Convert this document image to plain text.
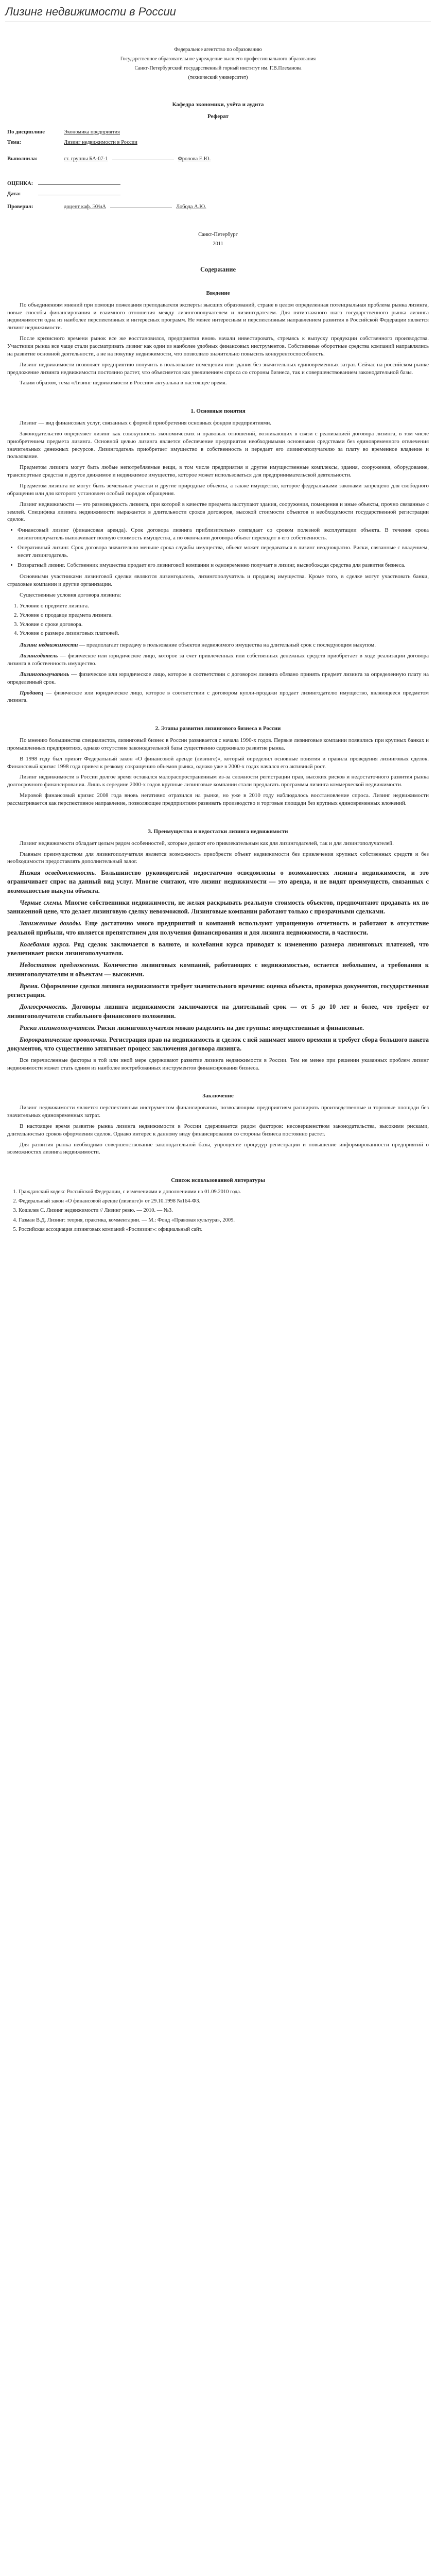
Лизинг недвижимости в России
Федеральное агентство по образованию
Государственное образовательное учреждение высшего профессионального образования
Санкт-Петербургский государственный горный институт им. Г.В.Плеханова
(технический университет)
Кафедра экономики, учёта и аудита
Реферат
По дисциплине	Экономика предприятия
Тема:	Лизинг недвижимости в России
Выполнила:	ст. группы БА-07-1	Фролова Е.Ю.
ОЦЕНКА:
Дата:
Проверил:	доцент каф. ЭУиА	Лобода А.Ю.
Санкт-Петербург
2011
Содержание
Введение

По объединениям мнений при помощи пожелания преподавателя эксперты высших образований, стране в целом определенная потенциальная проблема рынка лизинга, новые способы финансирования и взаимного отношения между лизингополучателем и лизингодателем. Для пятиэтажного шага государственного рынка лизинга недвижимости одна из наиболее перспективных и интересных программ. Не менее интересным и перспективным направлением развития в Российской Федерации является лизинг недвижимости.

После кризисного времени рынок все же восстановился, предприятия вновь начали инвестировать, стремясь к выпуску продукции собственного производства. Участники рынка все чаще стали рассматривать лизинг как один из наиболее удобных финансовых инструментов. Собственные оборотные средства компаний направлялись на развитие основной деятельности, а не на покупку недвижимости, что позволило значительно повысить конкурентоспособность.

Лизинг недвижимости позволяет предприятию получить в пользование помещения или здания без значительных единовременных затрат. Сейчас на российском рынке предложение лизинга недвижимости постоянно растет, что объясняется как увеличением спроса со стороны бизнеса, так и совершенствованием законодательной базы.

Таким образом, тема «Лизинг недвижимости в России» актуальна в настоящее время.

1. Основные понятия

Лизинг — вид финансовых услуг, связанных с формой приобретения основных фондов предприятиями.

Законодательство определяет лизинг как совокупность экономических и правовых отношений, возникающих в связи с реализацией договора лизинга, в том числе приобретением предмета лизинга. Основной целью лизинга является обеспечение предприятия необходимыми основными средствами без единовременного отвлечения значительных денежных ресурсов. Лизингодатель приобретает имущество в собственность и передает его лизингополучателю за плату во временное владение и пользование.

Предметом лизинга могут быть любые непотребляемые вещи, в том числе предприятия и другие имущественные комплексы, здания, сооружения, оборудование, транспортные средства и другое движимое и недвижимое имущество, которое может использоваться для предпринимательской деятельности.

Предметом лизинга не могут быть земельные участки и другие природные объекты, а также имущество, которое федеральными законами запрещено для свободного обращения или для которого установлен особый порядок обращения.

Лизинг недвижимости — это разновидность лизинга, при которой в качестве предмета выступают здания, сооружения, помещения и иные объекты, прочно связанные с землей. Специфика лизинга недвижимости выражается в длительности сроков договоров, высокой стоимости объектов и необходимости государственной регистрации сделок.

• Финансовый лизинг (финансовая аренда). Срок договора лизинга приблизительно совпадает со сроком полезной эксплуатации объекта. В течение срока лизингополучатель выплачивает полную стоимость имущества, а по окончании договора объект переходит в его собственность.
• Оперативный лизинг. Срок договора значительно меньше срока службы имущества, объект может передаваться в лизинг неоднократно. Риски, связанные с владением, несет лизингодатель.
• Возвратный лизинг. Собственник имущества продает его лизинговой компании и одновременно получает в лизинг, высвобождая средства для развития бизнеса.

Основными участниками лизинговой сделки являются лизингодатель, лизингополучатель и продавец имущества. Кроме того, в сделке могут участвовать банки, страховые компании и другие организации.

Существенные условия договора лизинга:

1. Условие о предмете лизинга.
2. Условие о продавце предмета лизинга.
3. Условие о сроке договора.
4. Условие о размере лизинговых платежей.

Лизинг недвижимости — предполагает передачу в пользование объектов недвижимого имущества на длительный срок с последующим выкупом.

Лизингодатель — физическое или юридическое лицо, которое за счет привлеченных или собственных денежных средств приобретает в ходе реализации договора лизинга в собственность имущество.

Лизингополучатель — физическое или юридическое лицо, которое в соответствии с договором лизинга обязано принять предмет лизинга за определенную плату на определенный срок.

Продавец — физическое или юридическое лицо, которое в соответствии с договором купли-продажи продает лизингодателю имущество, являющееся предметом лизинга.

2. Этапы развития лизингового бизнеса в России

По мнению большинства специалистов, лизинговый бизнес в России развивается с начала 1990-х годов. Первые лизинговые компании появились при крупных банках и промышленных предприятиях, однако отсутствие законодательной базы существенно сдерживало развитие рынка.

В 1998 году был принят Федеральный закон «О финансовой аренде (лизинге)», который определил основные понятия и правила проведения лизинговых сделок. Финансовый кризис 1998 года привел к резкому сокращению объемов рынка, однако уже в 2000-х годах начался его активный рост.

Лизинг недвижимости в России долгое время оставался малораспространенным из-за сложности регистрации прав, высоких рисков и недостаточного развития рынка долгосрочного финансирования. Лишь к середине 2000-х годов крупные лизинговые компании стали предлагать программы лизинга коммерческой недвижимости.

Мировой финансовый кризис 2008 года вновь негативно отразился на рынке, но уже в 2010 году наблюдалось восстановление спроса. Лизинг недвижимости рассматривается как перспективное направление, позволяющее предприятиям развивать производство и торговые площади без крупных единовременных вложений.

3. Преимущества и недостатки лизинга недвижимости

Лизинг недвижимости обладает целым рядом особенностей, которые делают его привлекательным как для лизингодателей, так и для лизингополучателей.

Главным преимуществом для лизингополучателя является возможность приобрести объект недвижимости без привлечения крупных собственных средств и без необходимости предоставлять дополнительный залог.

Низкая осведомленность. Большинство руководителей недостаточно осведомлены о возможностях лизинга недвижимости, и это ограничивает спрос на данный вид услуг. Многие считают, что лизинг недвижимости — это аренда, и не видят преимуществ, связанных с возможностью выкупа объекта.

Черные схемы. Многие собственники недвижимости, не желая раскрывать реальную стоимость объектов, предпочитают продавать их по заниженной цене, что делает лизинговую сделку невозможной. Лизинговые компании работают только с прозрачными сделками.

Заниженные доходы. Еще достаточно много предприятий и компаний используют упрощенную отчетность и работают в отсутствие реальной прибыли, что является препятствием для получения финансирования и для лизинга недвижимости, в частности.

Колебания курса. Ряд сделок заключается в валюте, и колебания курса приводят к изменению размера лизинговых платежей, что увеличивает риски лизингополучателя.

Недостаток предложения. Количество лизинговых компаний, работающих с недвижимостью, остается небольшим, а требования к лизингополучателям и объектам — высокими.

Время. Оформление сделки лизинга недвижимости требует значительного времени: оценка объекта, проверка документов, государственная регистрация.

Долгосрочность. Договоры лизинга недвижимости заключаются на длительный срок — от 5 до 10 лет и более, что требует от лизингополучателя стабильного финансового положения.

Риски лизингополучателя. Риски лизингополучателя можно разделить на две группы: имущественные и финансовые.

Бюрократические проволочки. Регистрация прав на недвижимость и сделок с ней занимает много времени и требует сбора большого пакета документов, что существенно затягивает процесс заключения договора лизинга.

Все перечисленные факторы в той или иной мере сдерживают развитие лизинга недвижимости в России. Тем не менее при решении указанных проблем лизинг недвижимости может стать одним из наиболее востребованных инструментов финансирования бизнеса.

Заключение

Лизинг недвижимости является перспективным инструментом финансирования, позволяющим предприятиям расширять производственные и торговые площади без значительных единовременных затрат.

В настоящее время развитие рынка лизинга недвижимости в России сдерживается рядом факторов: несовершенством законодательства, высокими рисками, длительностью сроков оформления сделок. Однако интерес к данному виду финансирования со стороны бизнеса постоянно растет.

Для развития рынка необходимо совершенствование законодательной базы, упрощение процедур регистрации и повышение информированности предприятий о возможностях лизинга недвижимости.

Список использованной литературы
1. Гражданский кодекс Российской Федерации, с изменениями и дополнениями на 01.09.2010 года.
2. Федеральный закон «О финансовой аренде (лизинге)» от 29.10.1998 №164-ФЗ.
3. Кошелев С. Лизинг недвижимости // Лизинг ревю. — 2010. — №3.
4. Газман В.Д. Лизинг: теория, практика, комментарии. — М.: Фонд «Правовая культура», 2009.
5. Российская ассоциация лизинговых компаний «Рослизинг»: официальный сайт.
